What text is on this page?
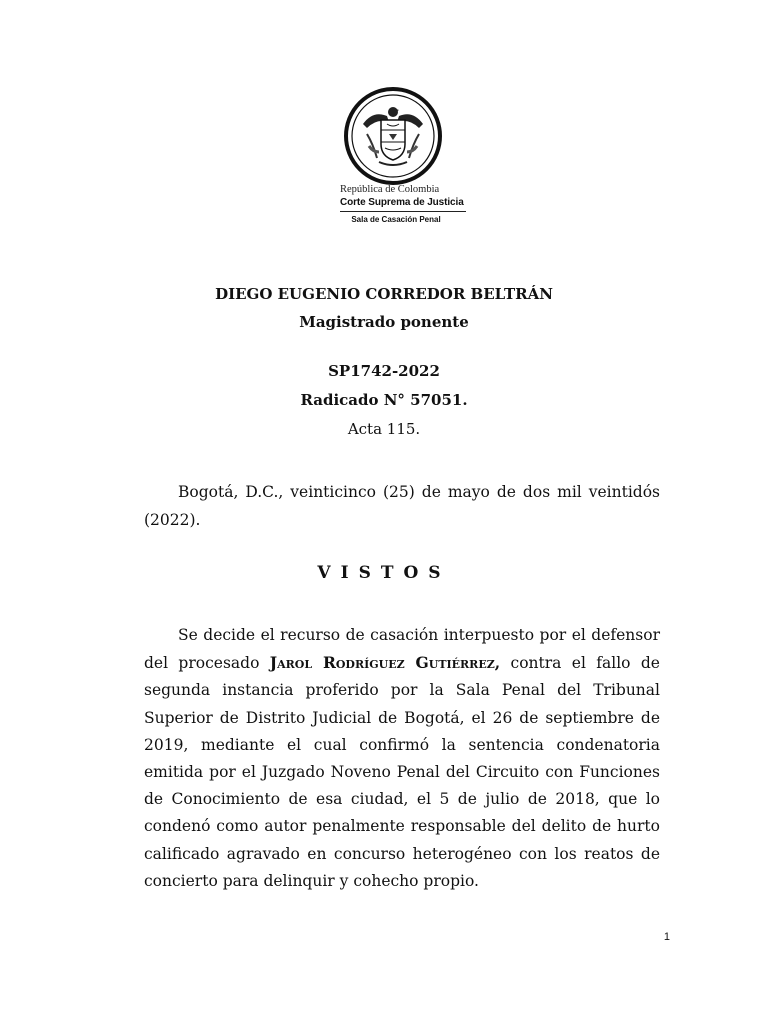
República de Colombia
Corte Suprema de Justicia
Sala de Casación Penal
DIEGO EUGENIO CORREDOR BELTRÁN
Magistrado ponente
SP1742-2022
Radicado N° 57051.
Acta 115.
Bogotá, D.C., veinticinco (25) de mayo de dos mil veintidós (2022).
VISTOS
Se decide el recurso de casación interpuesto por el defensor del procesado Jarol Rodríguez Gutiérrez, contra el fallo de segunda instancia proferido por la Sala Penal del Tribunal Superior de Distrito Judicial de Bogotá, el 26 de septiembre de 2019, mediante el cual confirmó la sentencia condenatoria emitida por el Juzgado Noveno Penal del Circuito con Funciones de Conocimiento de esa ciudad, el 5 de julio de 2018, que lo condenó como autor penalmente responsable del delito de hurto calificado agravado en concurso heterogéneo con los reatos de concierto para delinquir y cohecho propio.
1
